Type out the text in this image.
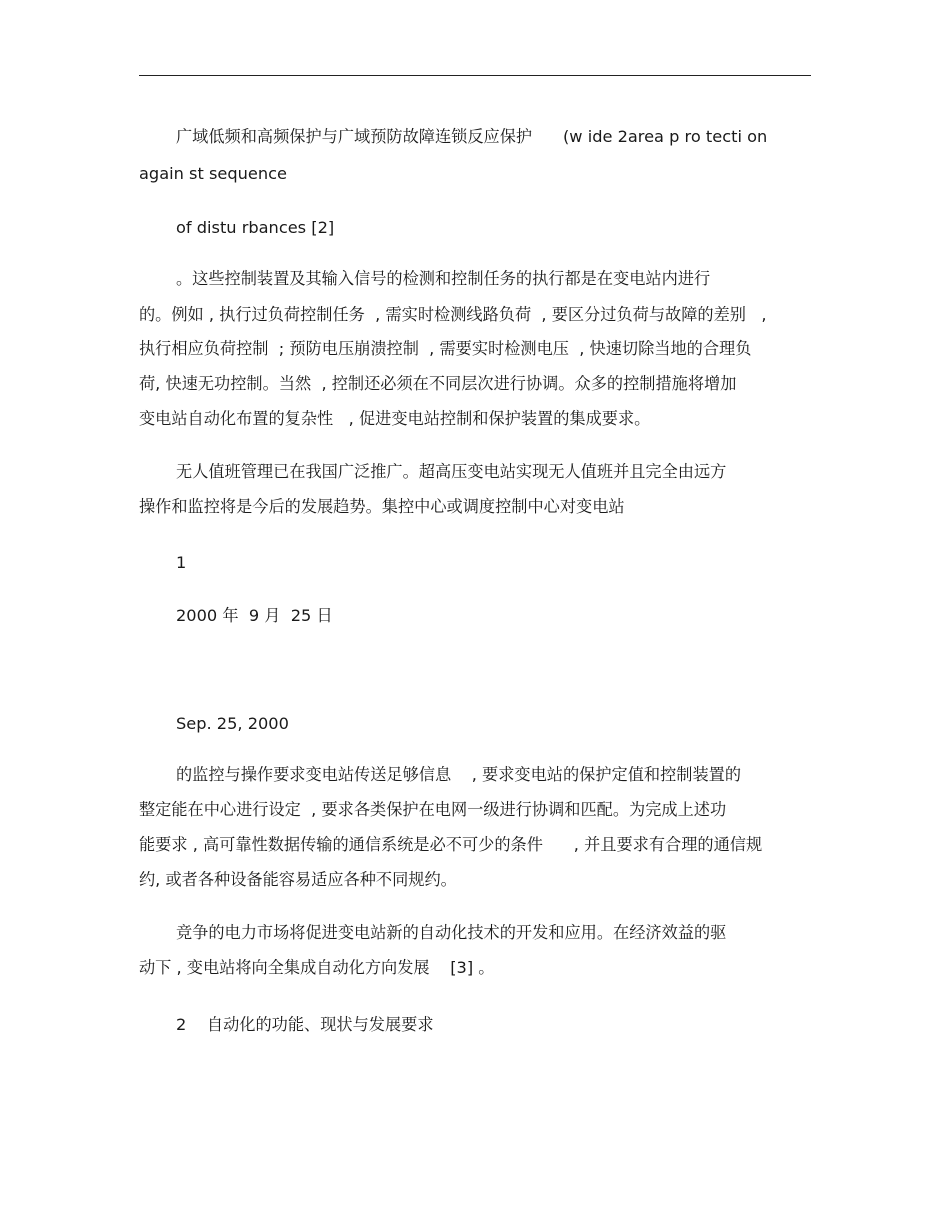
广域低频和高频保护与广域预防故障连锁反应保护      (w ide 2area p ro tecti on
again st sequence
of distu rbances [2]
。这些控制装置及其输入信号的检测和控制任务的执行都是在变电站内进行
的。例如 , 执行过负荷控制任务  , 需实时检测线路负荷  , 要区分过负荷与故障的差别   ,
执行相应负荷控制  ; 预防电压崩溃控制  , 需要实时检测电压  , 快速切除当地的合理负
荷, 快速无功控制。当然  , 控制还必须在不同层次进行协调。众多的控制措施将增加
变电站自动化布置的复杂性   , 促进变电站控制和保护装置的集成要求。
无人值班管理已在我国广泛推广。超高压变电站实现无人值班并且完全由远方
操作和监控将是今后的发展趋势。集控中心或调度控制中心对变电站
1
2000 年  9 月  25 日
Sep. 25, 2000
的监控与操作要求变电站传送足够信息    , 要求变电站的保护定值和控制装置的
整定能在中心进行设定  , 要求各类保护在电网一级进行协调和匹配。为完成上述功
能要求 , 高可靠性数据传输的通信系统是必不可少的条件      , 并且要求有合理的通信规
约, 或者各种设备能容易适应各种不同规约。
竞争的电力市场将促进变电站新的自动化技术的开发和应用。在经济效益的驱
动下 , 变电站将向全集成自动化方向发展    [3] 。
2    自动化的功能、现状与发展要求
